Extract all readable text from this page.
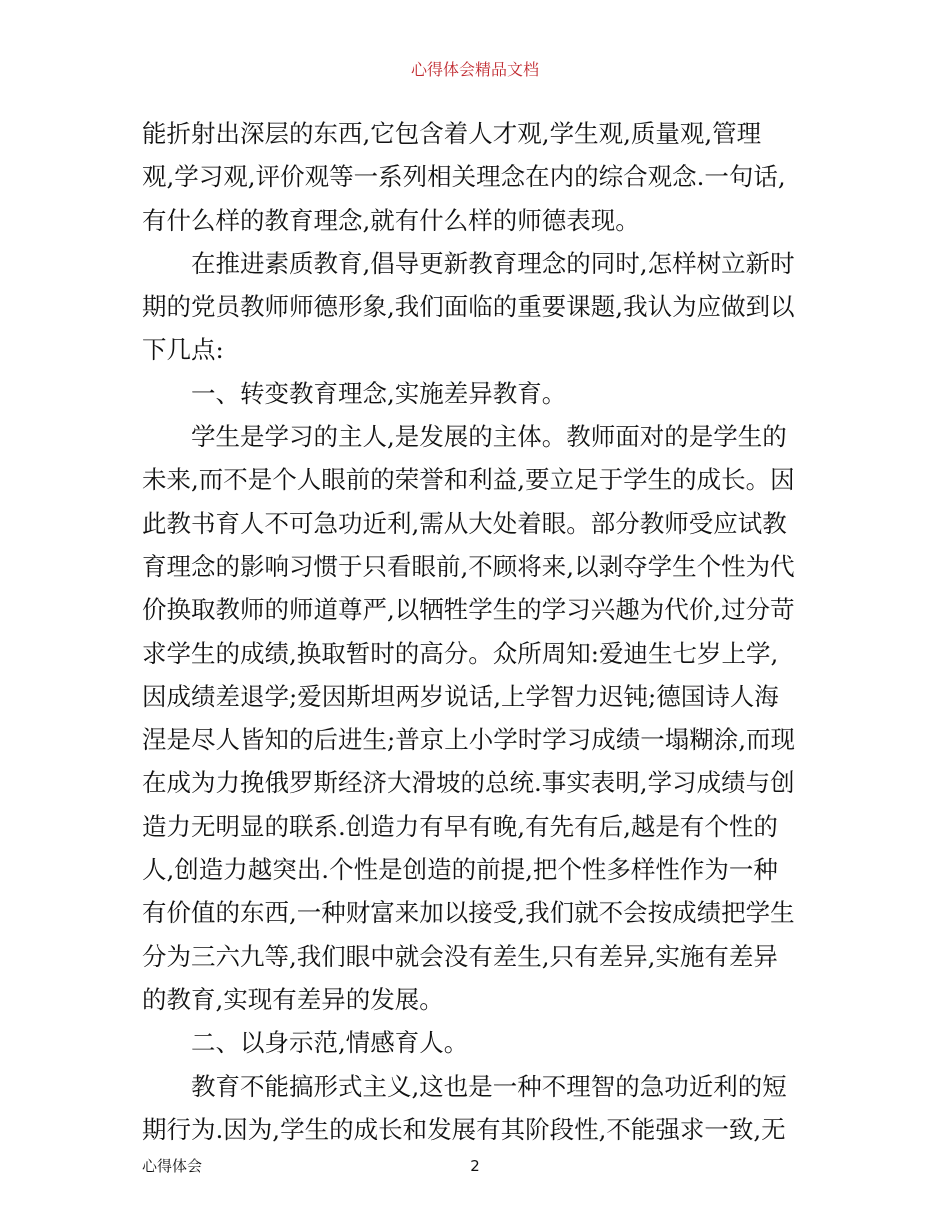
心得体会精品文档
能折射出深层的东西,它包含着人才观,学生观,质量观,管理
观,学习观,评价观等一系列相关理念在内的综合观念.一句话,
有什么样的教育理念,就有什么样的师德表现。
　　在推进素质教育,倡导更新教育理念的同时,怎样树立新时
期的党员教师师德形象,我们面临的重要课题,我认为应做到以
下几点:
　　一、转变教育理念,实施差异教育。
　　学生是学习的主人,是发展的主体。教师面对的是学生的
未来,而不是个人眼前的荣誉和利益,要立足于学生的成长。因
此教书育人不可急功近利,需从大处着眼。部分教师受应试教
育理念的影响习惯于只看眼前,不顾将来,以剥夺学生个性为代
价换取教师的师道尊严,以牺牲学生的学习兴趣为代价,过分苛
求学生的成绩,换取暂时的高分。众所周知:爱迪生七岁上学,
因成绩差退学;爱因斯坦两岁说话,上学智力迟钝;德国诗人海
涅是尽人皆知的后进生;普京上小学时学习成绩一塌糊涂,而现
在成为力挽俄罗斯经济大滑坡的总统.事实表明,学习成绩与创
造力无明显的联系.创造力有早有晚,有先有后,越是有个性的
人,创造力越突出.个性是创造的前提,把个性多样性作为一种
有价值的东西,一种财富来加以接受,我们就不会按成绩把学生
分为三六九等,我们眼中就会没有差生,只有差异,实施有差异
的教育,实现有差异的发展。
　　二、以身示范,情感育人。
　　教育不能搞形式主义,这也是一种不理智的急功近利的短
期行为.因为,学生的成长和发展有其阶段性,不能强求一致,无
心得体会	2
